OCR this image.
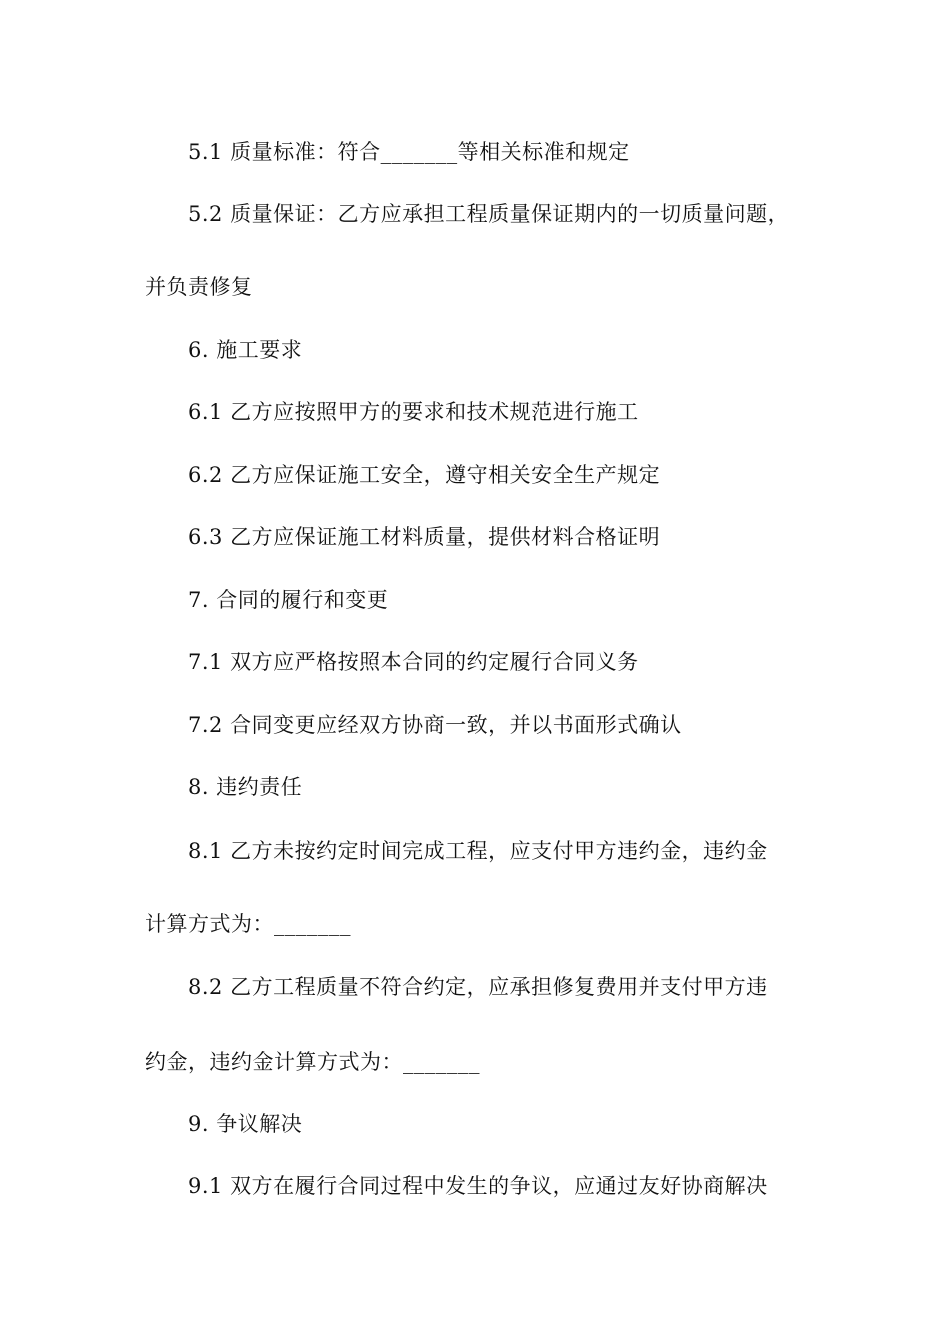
5.1 质量标准：符合_______等相关标准和规定
5.2 质量保证：乙方应承担工程质量保证期内的一切质量问题，
并负责修复
6. 施工要求
6.1 乙方应按照甲方的要求和技术规范进行施工
6.2 乙方应保证施工安全，遵守相关安全生产规定
6.3 乙方应保证施工材料质量，提供材料合格证明
7. 合同的履行和变更
7.1 双方应严格按照本合同的约定履行合同义务
7.2 合同变更应经双方协商一致，并以书面形式确认
8. 违约责任
8.1 乙方未按约定时间完成工程，应支付甲方违约金，违约金
计算方式为：_______
8.2 乙方工程质量不符合约定，应承担修复费用并支付甲方违
约金，违约金计算方式为：_______
9. 争议解决
9.1 双方在履行合同过程中发生的争议，应通过友好协商解决
